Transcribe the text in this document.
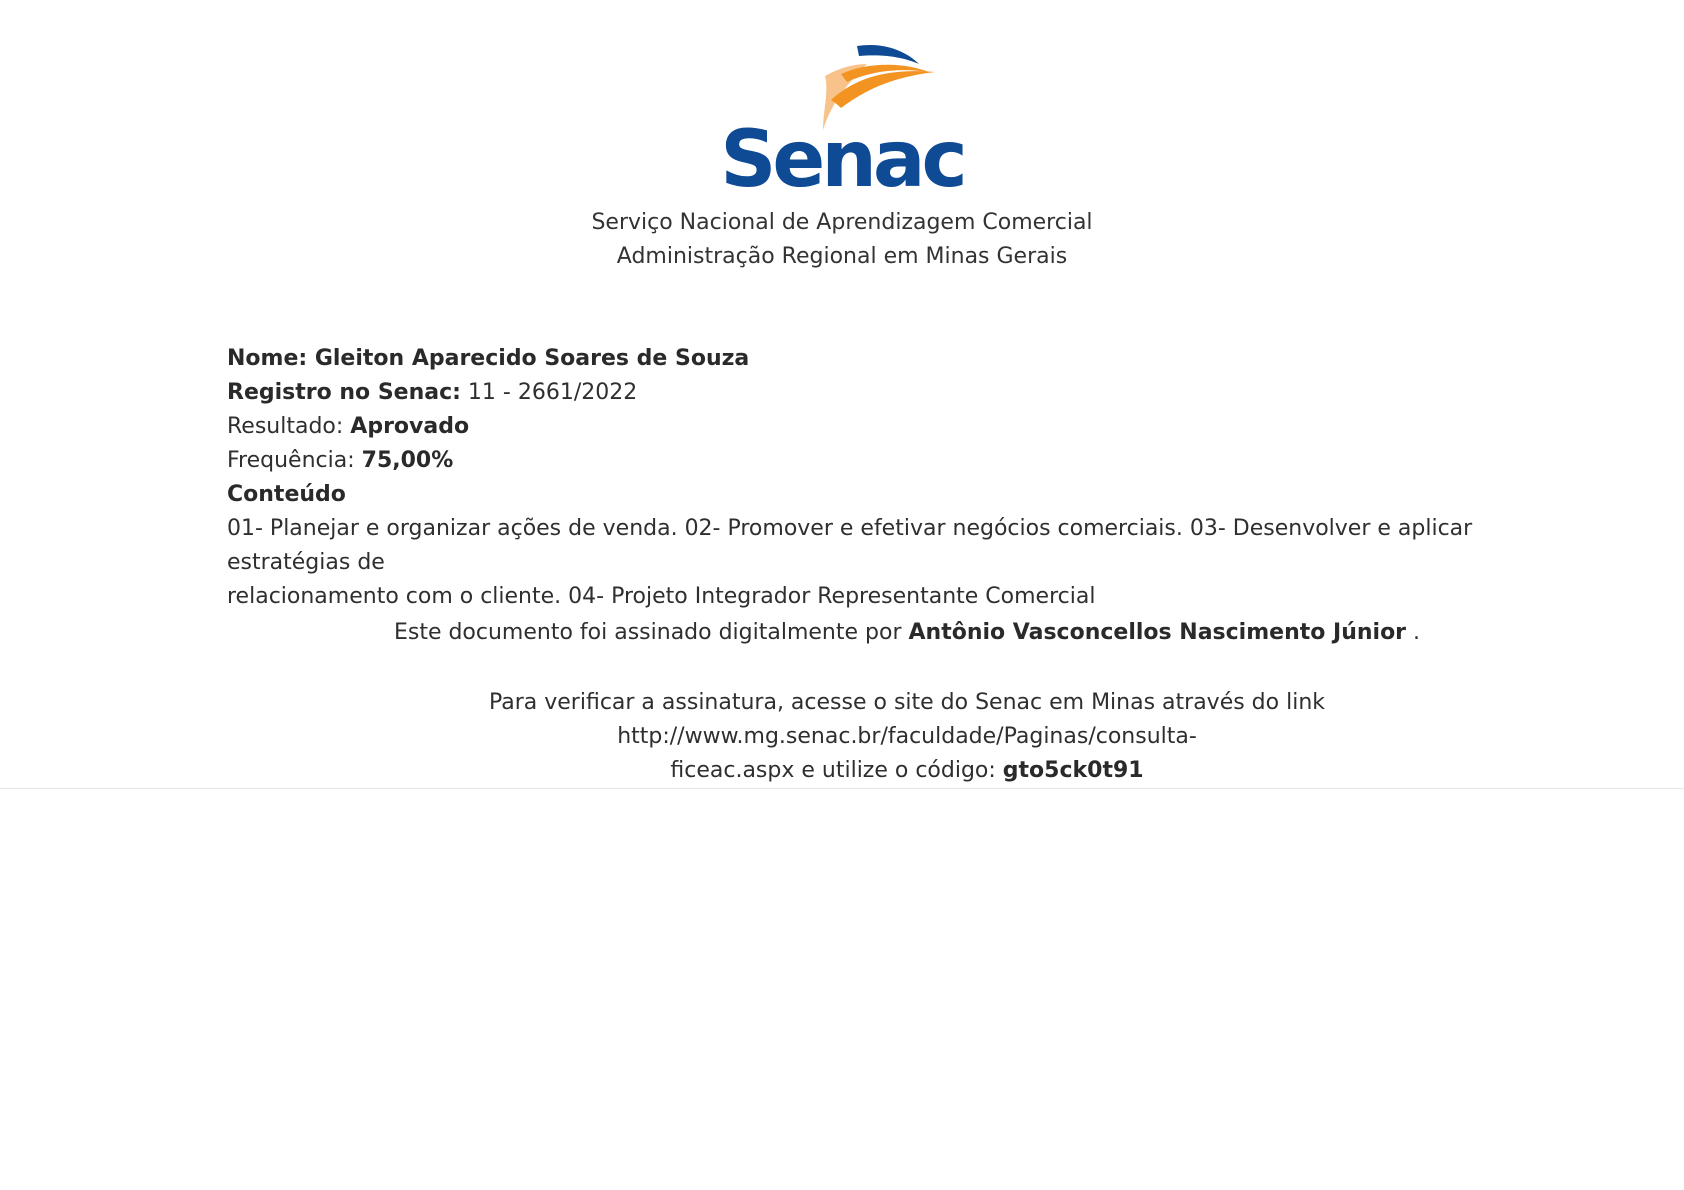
Senac
Serviço Nacional de Aprendizagem Comercial
Administração Regional em Minas Gerais
Nome: Gleiton Aparecido Soares de Souza
Registro no Senac: 11 - 2661/2022
Resultado: Aprovado
Frequência: 75,00%
Conteúdo
01- Planejar e organizar ações de venda. 02- Promover e efetivar negócios comerciais. 03- Desenvolver e aplicar estratégias de
relacionamento com o cliente. 04- Projeto Integrador Representante Comercial
Este documento foi assinado digitalmente por Antônio Vasconcellos Nascimento Júnior .
Para verificar a assinatura, acesse o site do Senac em Minas através do link http://www.mg.senac.br/faculdade/Paginas/consulta-
ficeac.aspx e utilize o código: gto5ck0t91
